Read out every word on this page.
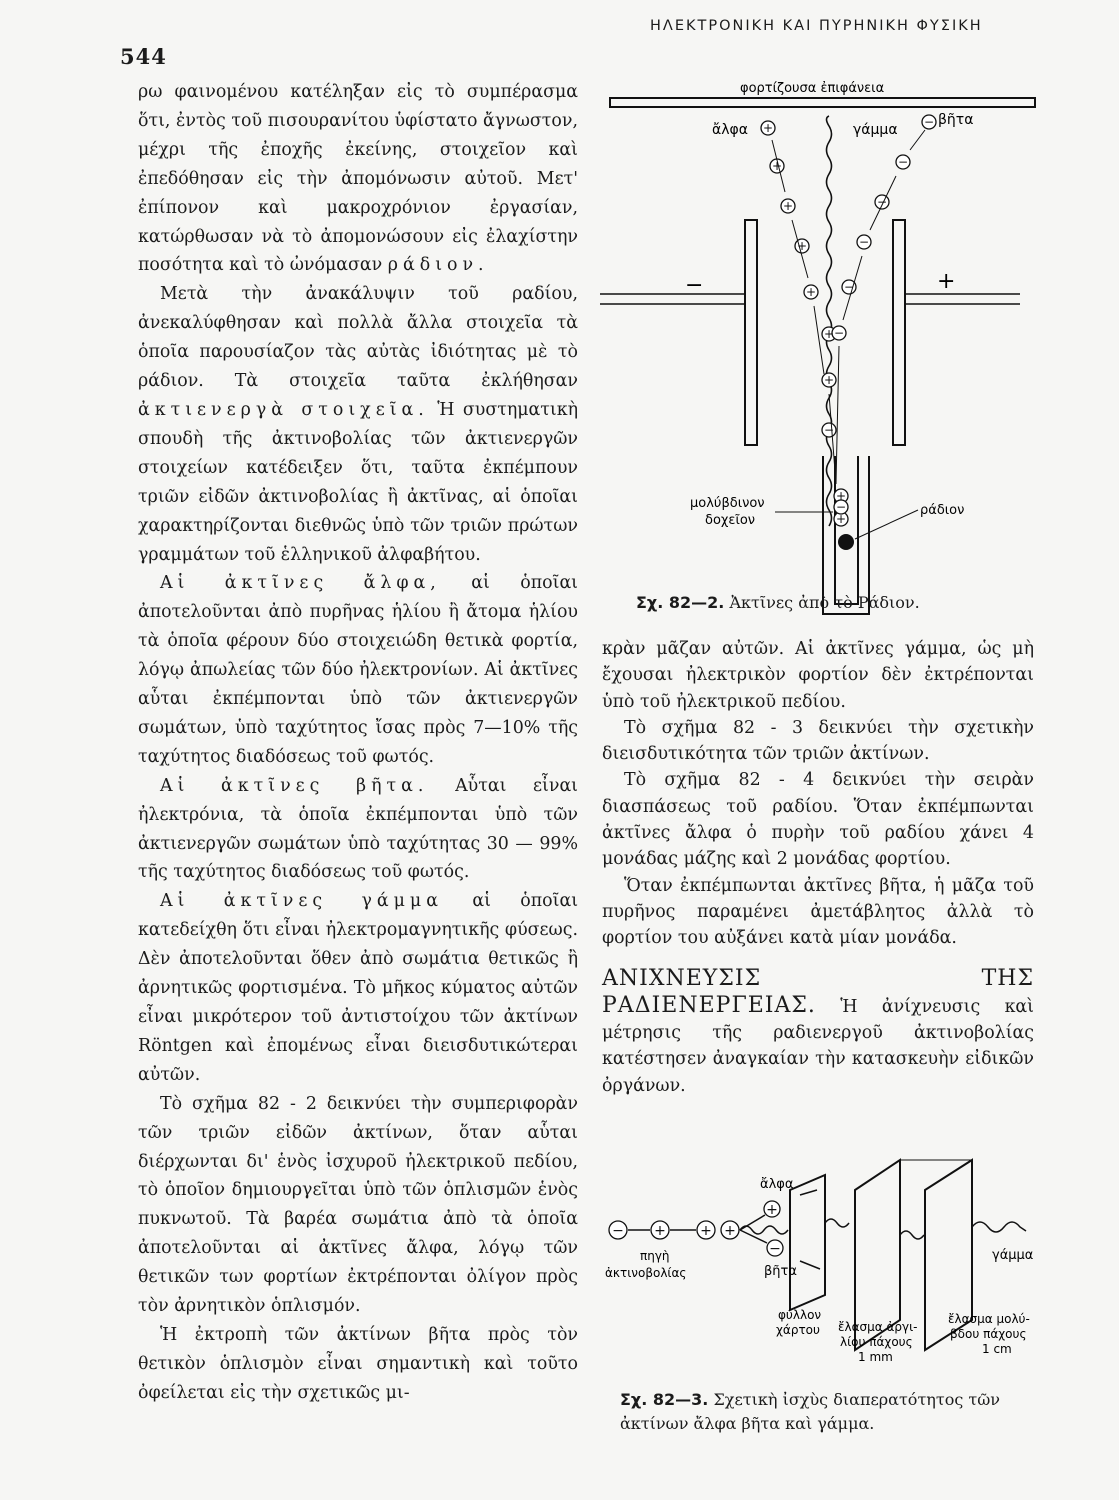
544
ΗΛΕΚΤΡΟΝΙΚΗ ΚΑΙ ΠΥΡΗΝΙΚΗ ΦΥΣΙΚΗ

ρω φαινομένου κατέληξαν εἰς τὸ συμπέρασμα ὅτι, ἐντὸς τοῦ πισουρανίτου ὑφίστατο ἄγνωστον, μέχρι τῆς ἐποχῆς ἐκείνης, στοιχεῖον καὶ ἐπεδόθησαν εἰς τὴν ἀπομόνωσιν αὐτοῦ. Μετ' ἐπίπονον καὶ μακροχρόνιον ἐργασίαν, κατώρθωσαν νὰ τὸ ἀπομονώσουν εἰς ἐλαχίστην ποσότητα καὶ τὸ ὠνόμασαν ράδιον.

Μετὰ τὴν ἀνακάλυψιν τοῦ ραδίου, ἀνεκαλύφθησαν καὶ πολλὰ ἄλλα στοιχεῖα τὰ ὁποῖα παρουσίαζον τὰς αὐτὰς ἰδιότητας μὲ τὸ ράδιον. Τὰ στοιχεῖα ταῦτα ἐκλήθησαν ἀκτιενεργὰ στοιχεῖα. Ἡ συστηματικὴ σπουδὴ τῆς ἀκτινοβολίας τῶν ἀκτιενεργῶν στοιχείων κατέδειξεν ὅτι, ταῦτα ἐκπέμπουν τριῶν εἰδῶν ἀκτινοβολίας ἢ ἀκτῖνας, αἱ ὁποῖαι χαρακτηρίζονται διεθνῶς ὑπὸ τῶν τριῶν πρώτων γραμμάτων τοῦ ἑλληνικοῦ ἀλφαβήτου.

Αἱ ἀκτῖνες ἄλφα, αἱ ὁποῖαι ἀποτελοῦνται ἀπὸ πυρῆνας ἡλίου ἢ ἄτομα ἡλίου τὰ ὁποῖα φέρουν δύο στοιχειώδη θετικὰ φορτία, λόγῳ ἀπωλείας τῶν δύο ἠλεκτρονίων. Αἱ ἀκτῖνες αὗται ἐκπέμπονται ὑπὸ τῶν ἀκτιενεργῶν σωμάτων, ὑπὸ ταχύτητος ἴσας πρὸς 7—10% τῆς ταχύτητος διαδόσεως τοῦ φωτός.

Αἱ ἀκτῖνες βῆτα. Αὗται εἶναι ἠλεκτρόνια, τὰ ὁποῖα ἐκπέμπονται ὑπὸ τῶν ἀκτιενεργῶν σωμάτων ὑπὸ ταχύτητας 30 — 99% τῆς ταχύτητος διαδόσεως τοῦ φωτός.

Αἱ ἀκτῖνες γάμμα αἱ ὁποῖαι κατεδείχθη ὅτι εἶναι ἠλεκτρομαγνητικῆς φύσεως. Δὲν ἀποτελοῦνται ὅθεν ἀπὸ σωμάτια θετικῶς ἢ ἀρνητικῶς φορτισμένα. Τὸ μῆκος κύματος αὐτῶν εἶναι μικρότερον τοῦ ἀντιστοίχου τῶν ἀκτίνων Röntgen καὶ ἐπομένως εἶναι διεισδυτικώτεραι αὐτῶν.

Τὸ σχῆμα 82 - 2 δεικνύει τὴν συμπεριφορὰν τῶν τριῶν εἰδῶν ἀκτίνων, ὅταν αὗται διέρχωνται δι' ἑνὸς ἰσχυροῦ ἠλεκτρικοῦ πεδίου, τὸ ὁποῖον δημιουργεῖται ὑπὸ τῶν ὁπλισμῶν ἑνὸς πυκνωτοῦ. Τὰ βαρέα σωμάτια ἀπὸ τὰ ὁποῖα ἀποτελοῦνται αἱ ἀκτῖνες ἄλφα, λόγῳ τῶν θετικῶν των φορτίων ἐκτρέπονται ὀλίγον πρὸς τὸν ἀρνητικὸν ὁπλισμόν.

Ἡ ἐκτροπὴ τῶν ἀκτίνων βῆτα πρὸς τὸν θετικὸν ὁπλισμὸν εἶναι σημαντικὴ καὶ τοῦτο ὀφείλεται εἰς τὴν σχετικῶς μι-

φορτίζουσα ἐπιφάνεια
ἄλφα	γάμμα
βῆτα
−	+
μολύβδινον
δοχεῖον
ράδιον
+
+
+
+
+
+
+
+
+
−
−
−
−
−
−
−
−
Σχ. 82—2. Ἀκτῖνες ἀπὸ τὸ Ράδιον.

κρὰν μᾶζαν αὐτῶν. Αἱ ἀκτῖνες γάμμα, ὡς μὴ ἔχουσαι ἠλεκτρικὸν φορτίον δὲν ἐκτρέπονται ὑπὸ τοῦ ἠλεκτρικοῦ πεδίου.

Τὸ σχῆμα 82 - 3 δεικνύει τὴν σχετικὴν διεισδυτικότητα τῶν τριῶν ἀκτίνων.

Τὸ σχῆμα 82 - 4 δεικνύει τὴν σειρὰν διασπάσεως τοῦ ραδίου. Ὅταν ἐκπέμπωνται ἀκτῖνες ἄλφα ὁ πυρὴν τοῦ ραδίου χάνει 4 μονάδας μάζης καὶ 2 μονάδας φορτίου.

Ὅταν ἐκπέμπωνται ἀκτῖνες βῆτα, ἡ μᾶζα τοῦ πυρῆνος παραμένει ἀμετάβλητος ἀλλὰ τὸ φορτίον του αὐξάνει κατὰ μίαν μονάδα.

ΑΝΙΧΝΕΥΣΙΣ ΤΗΣ ΡΑΔΙΕΝΕΡΓΕΙΑΣ. Ἡ ἀνίχνευσις καὶ μέτρησις τῆς ραδιενεργοῦ ἀκτινοβολίας κατέστησεν ἀναγκαίαν τὴν κατασκευὴν εἰδικῶν ὀργάνων.

− + + +
+
−
ἄλφα
βῆτα
γάμμα
πηγὴ
ἀκτινοβολίας
φύλλον
χάρτου ἔλασμα ἀργι-
λίου πάχους
1 mm
ἔλασμα μολύ-
βδου πάχους
1 cm
Σχ. 82—3. Σχετικὴ ἰσχὺς διαπερατότητος τῶν ἀκτίνων ἄλφα βῆτα καὶ γάμμα.
